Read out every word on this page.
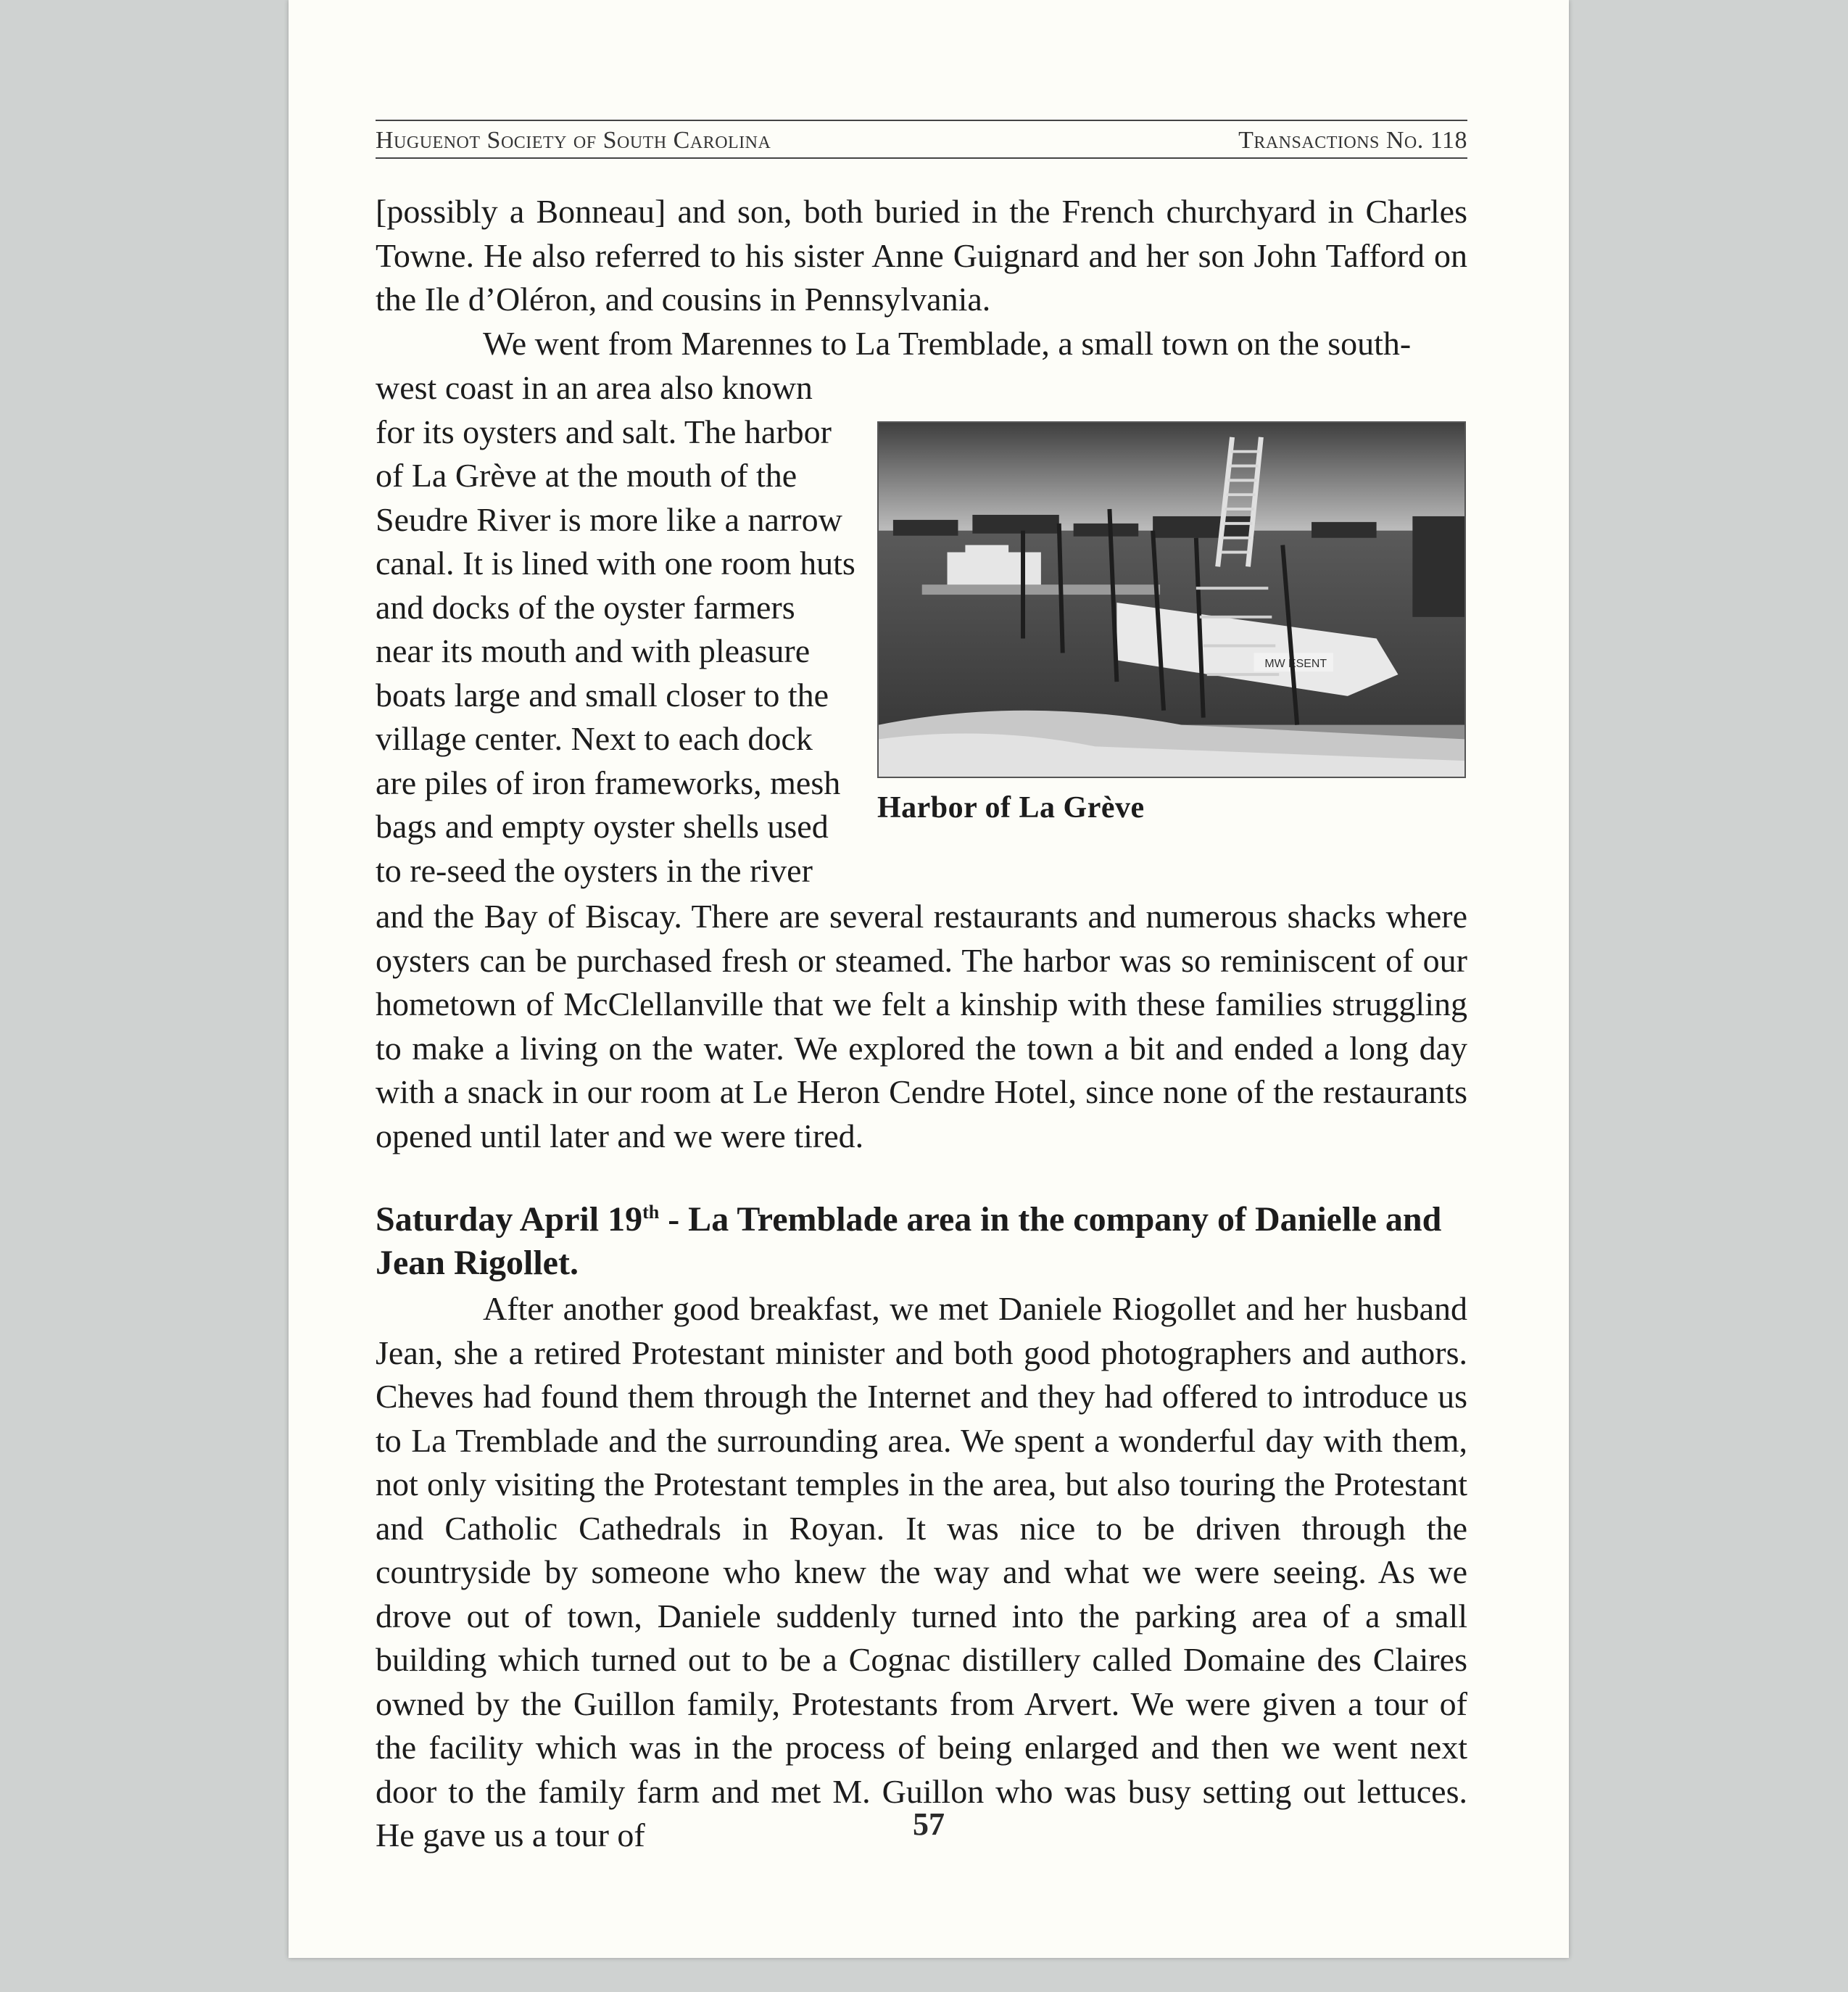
Huguenot Society of South Carolina	Transactions No. 118
[possibly a Bonneau] and son, both buried in the French churchyard in Charles Towne. He also referred to his sister Anne Guignard and her son John Tafford on the Ile d’Oléron, and cousins in Pennsylvania.
We went from Marennes to La Tremblade, a small town on the south-
west coast in an area also known
for its oysters and salt. The harbor
of La Grève at the mouth of the
Seudre River is more like a narrow
canal. It is lined with one room huts
and docks of the oyster farmers
near its mouth and with pleasure
boats large and small closer to the
village center. Next to each dock
are piles of iron frameworks, mesh
bags and empty oyster shells used
to re-seed the oysters in the river
MW ESENT
Harbor of La Grève
and the Bay of Biscay. There are several restaurants and numerous shacks where oysters can be purchased fresh or steamed. The harbor was so reminiscent of our hometown of McClellanville that we felt a kinship with these families struggling to make a living on the water. We explored the town a bit and ended a long day with a snack in our room at Le Heron Cendre Hotel, since none of the restaurants opened until later and we were tired.
Saturday April 19th - La Tremblade area in the company of Danielle and Jean Rigollet.
After another good breakfast, we met Daniele Riogollet and her husband Jean, she a retired Protestant minister and both good photographers and authors. Cheves had found them through the Internet and they had offered to introduce us to La Tremblade and the surrounding area. We spent a wonderful day with them, not only visiting the Protestant temples in the area, but also touring the Protestant and Catholic Cathedrals in Royan. It was nice to be driven through the countryside by someone who knew the way and what we were seeing. As we drove out of town, Daniele suddenly turned into the parking area of a small building which turned out to be a Cognac distillery called Domaine des Claires owned by the Guillon family, Protestants from Arvert. We were given a tour of the facility which was in the process of being enlarged and then we went next door to the family farm and met M. Guillon who was busy setting out lettuces. He gave us a tour of	57
